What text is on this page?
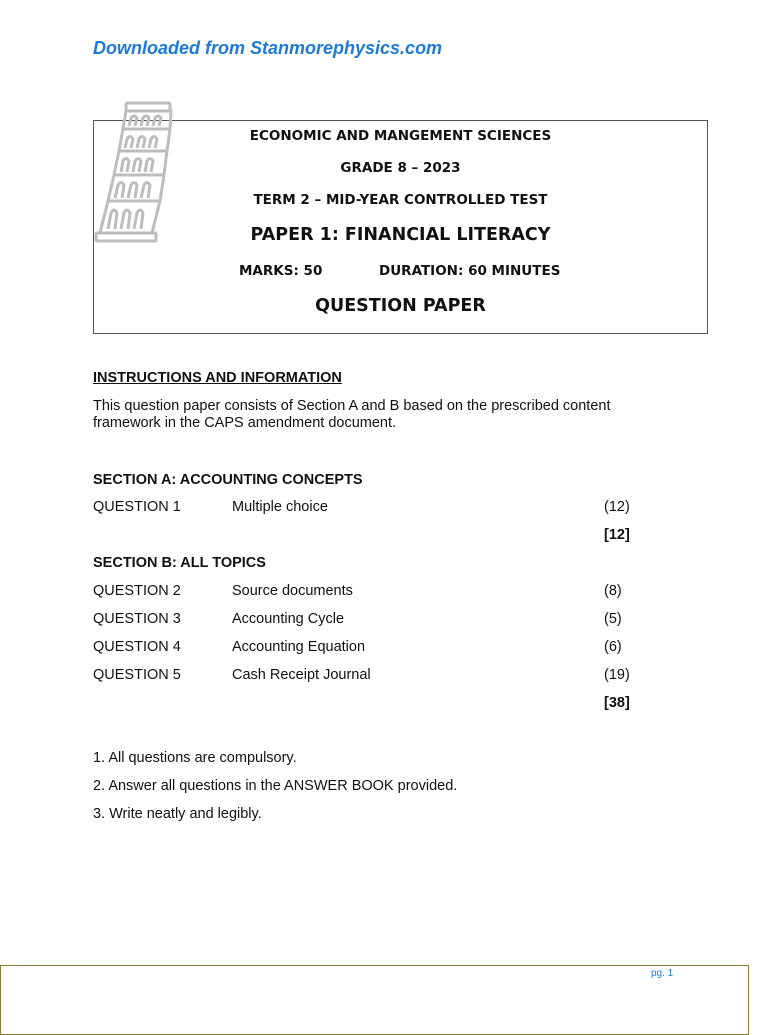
Downloaded from Stanmorephysics.com
ECONOMIC AND MANGEMENT SCIENCES
GRADE 8 – 2023
TERM 2 – MID-YEAR CONTROLLED TEST
PAPER 1: FINANCIAL LITERACY
MARKS: 50	DURATION: 60 MINUTES
QUESTION PAPER
INSTRUCTIONS AND INFORMATION
This question paper consists of Section A and B based on the prescribed content framework in the CAPS amendment document.
SECTION A: ACCOUNTING CONCEPTS
QUESTION 1	Multiple choice	(12)
[12]
SECTION B: ALL TOPICS
QUESTION 2	Source documents	(8)
QUESTION 3	Accounting Cycle	(5)
QUESTION 4	Accounting Equation	(6)
QUESTION 5	Cash Receipt Journal	(19)
[38]
1. All questions are compulsory.
2. Answer all questions in the ANSWER BOOK provided.
3. Write neatly and legibly.
pg. 1
